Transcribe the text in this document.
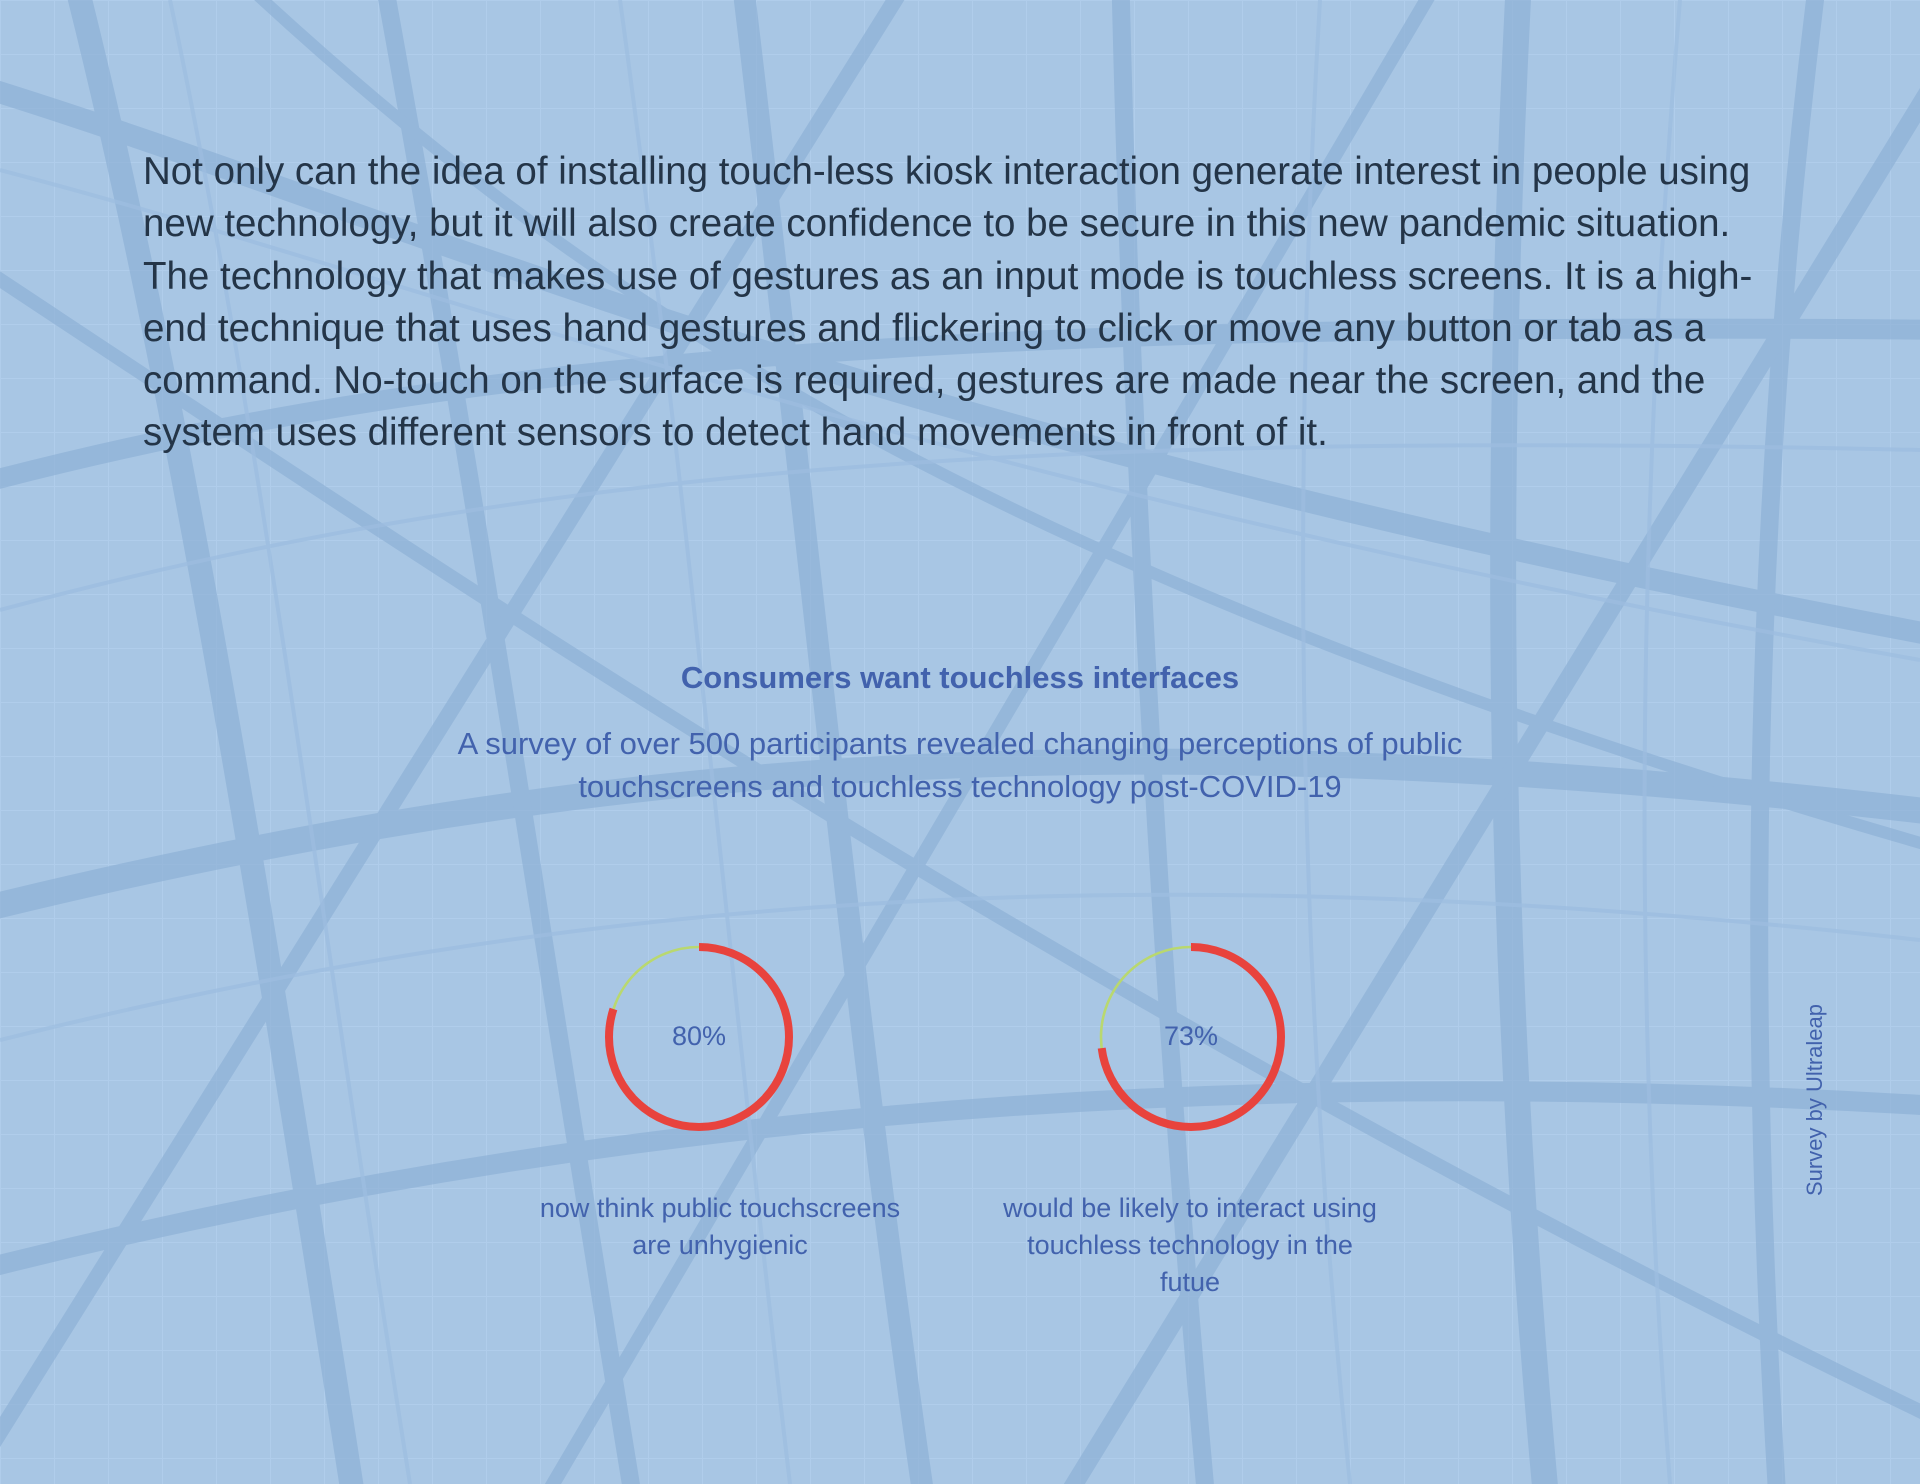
Not only can the idea of installing touch-less kiosk interaction generate interest in people using new technology, but it will also create confidence to be secure in this new pandemic situation. The technology that makes use of gestures as an input mode is touchless screens. It is a high-end technique that uses hand gestures and flickering to click or move any button or tab as a command. No-touch on the surface is required, gestures are made near the screen, and the system uses different sensors to detect hand movements in front of it.

Consumers want touchless interfaces

A survey of over 500 participants revealed changing perceptions of public
touchscreens and touchless technology post-COVID-19

80%

now think public touchscreens
are unhygienic

73%

would be likely to interact using
touchless technology in the
futue

Survey by Ultraleap
